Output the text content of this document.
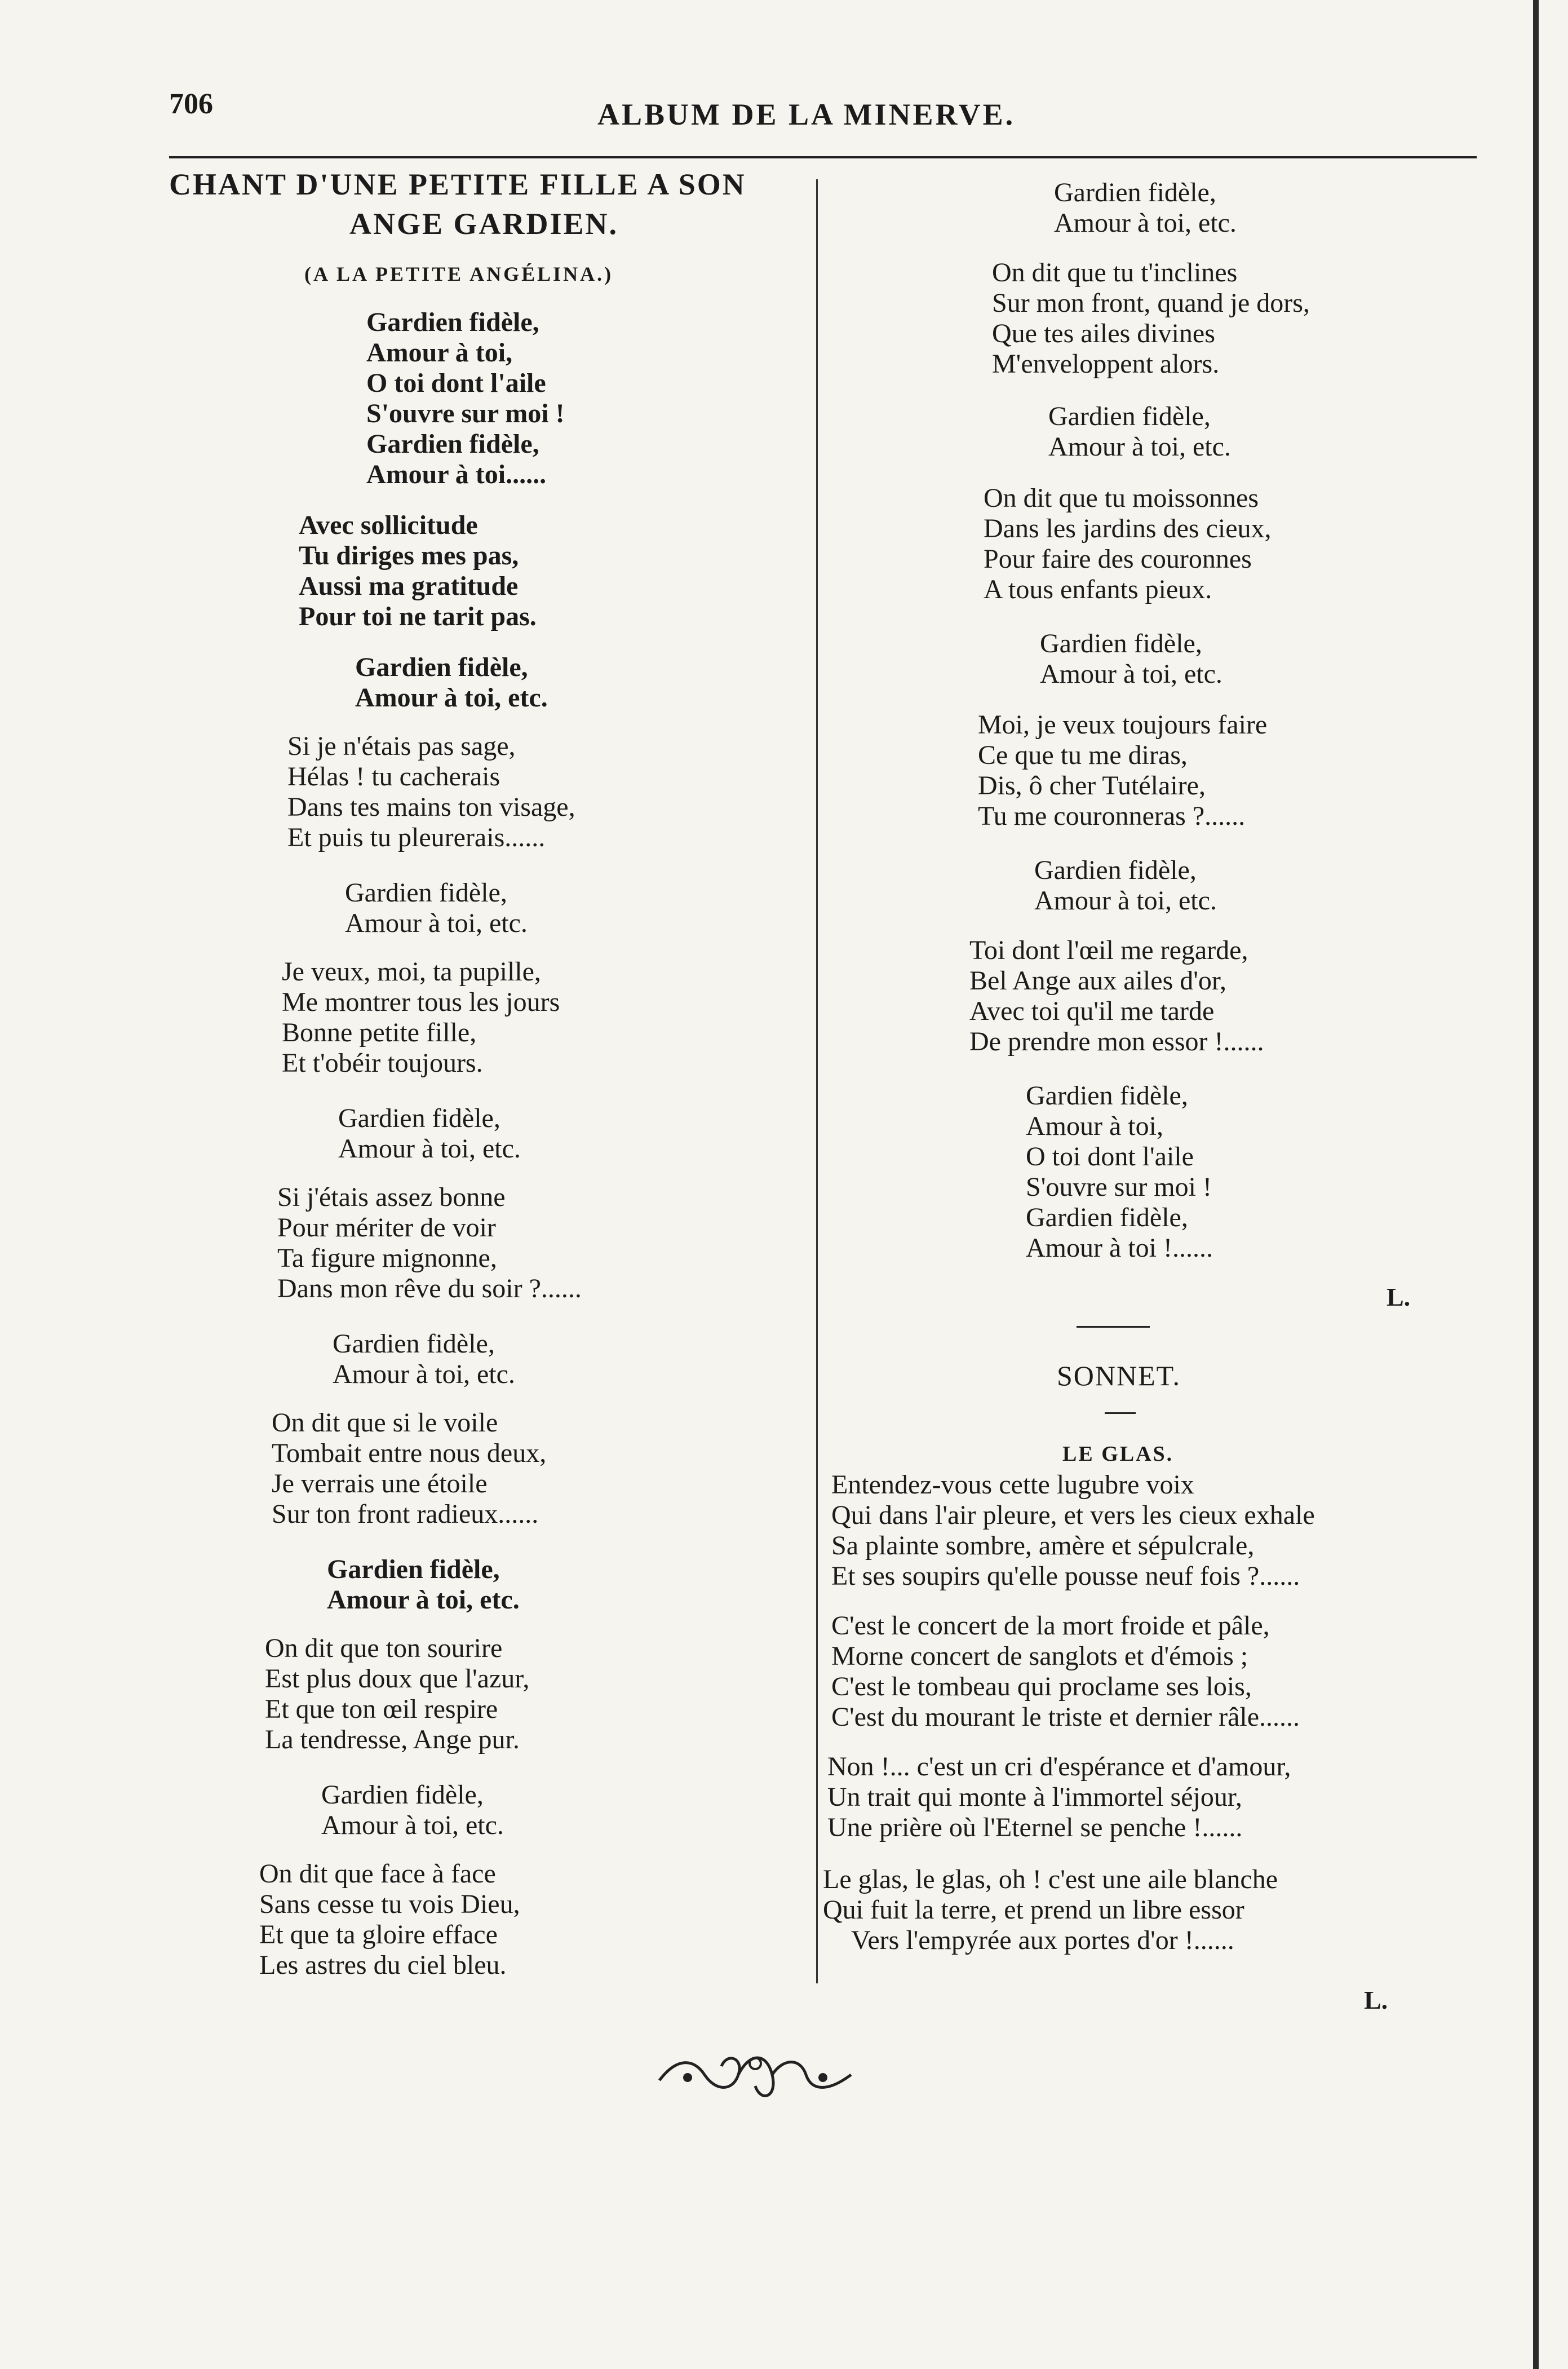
706	ALBUM DE LA MINERVE.
CHANT D'UNE PETITE FILLE A SON
ANGE GARDIEN.
(A LA PETITE ANGÉLINA.)
Gardien fidèle,
Amour à toi,
O toi dont l'aile
S'ouvre sur moi !
Gardien fidèle,
Amour à toi......
Avec sollicitude
Tu diriges mes pas,
Aussi ma gratitude
Pour toi ne tarit pas.
Gardien fidèle,
Amour à toi, etc.
Si je n'étais pas sage,
Hélas ! tu cacherais
Dans tes mains ton visage,
Et puis tu pleurerais......
Gardien fidèle,
Amour à toi, etc.
Je veux, moi, ta pupille,
Me montrer tous les jours
Bonne petite fille,
Et t'obéir toujours.
Gardien fidèle,
Amour à toi, etc.
Si j'étais assez bonne
Pour mériter de voir
Ta figure mignonne,
Dans mon rêve du soir ?......
Gardien fidèle,
Amour à toi, etc.
On dit que si le voile
Tombait entre nous deux,
Je verrais une étoile
Sur ton front radieux......
Gardien fidèle,
Amour à toi, etc.
On dit que ton sourire
Est plus doux que l'azur,
Et que ton œil respire
La tendresse, Ange pur.
Gardien fidèle,
Amour à toi, etc.
On dit que face à face
Sans cesse tu vois Dieu,
Et que ta gloire efface
Les astres du ciel bleu.
Gardien fidèle,
Amour à toi, etc.
On dit que tu t'inclines
Sur mon front, quand je dors,
Que tes ailes divines
M'enveloppent alors.
Gardien fidèle,
Amour à toi, etc.
On dit que tu moissonnes
Dans les jardins des cieux,
Pour faire des couronnes
A tous enfants pieux.
Gardien fidèle,
Amour à toi, etc.
Moi, je veux toujours faire
Ce que tu me diras,
Dis, ô cher Tutélaire,
Tu me couronneras ?......
Gardien fidèle,
Amour à toi, etc.
Toi dont l'œil me regarde,
Bel Ange aux ailes d'or,
Avec toi qu'il me tarde
De prendre mon essor !......
Gardien fidèle,
Amour à toi,
O toi dont l'aile
S'ouvre sur moi !
Gardien fidèle,
Amour à toi !......
L.
SONNET.
LE GLAS.
Entendez-vous cette lugubre voix
Qui dans l'air pleure, et vers les cieux exhale
Sa plainte sombre, amère et sépulcrale,
Et ses soupirs qu'elle pousse neuf fois ?......
C'est le concert de la mort froide et pâle,
Morne concert de sanglots et d'émois ;
C'est le tombeau qui proclame ses lois,
C'est du mourant le triste et dernier râle......
Non !... c'est un cri d'espérance et d'amour,
Un trait qui monte à l'immortel séjour,
Une prière où l'Eternel se penche !......
Le glas, le glas, oh ! c'est une aile blanche
Qui fuit la terre, et prend un libre essor
Vers l'empyrée aux portes d'or !......
L.
